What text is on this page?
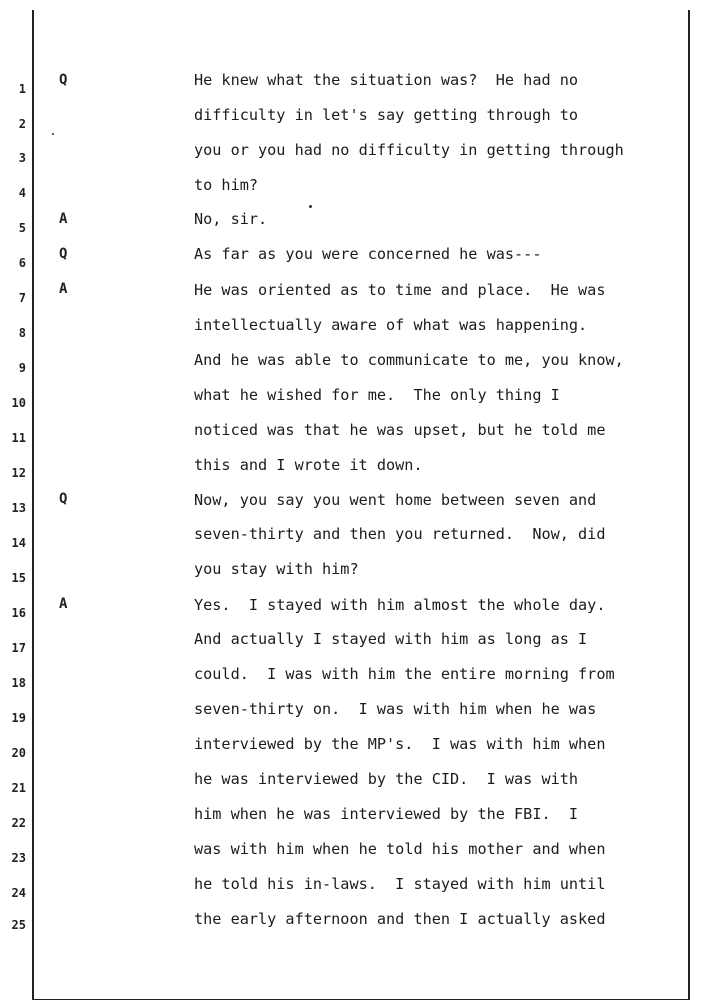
1
Q	He knew what the situation was?  He had no
2	difficulty in let's say getting through to
3	you or you had no difficulty in getting through
4	to him?
5
A	No, sir.
6
Q	As far as you were concerned he was---
7
A	He was oriented as to time and place.  He was
8	intellectually aware of what was happening.
9	And he was able to communicate to me, you know,
10	what he wished for me.  The only thing I
11	noticed was that he was upset, but he told me
12	this and I wrote it down.
13
Q	Now, you say you went home between seven and
14	seven-thirty and then you returned.  Now, did
15	you stay with him?
16
A	Yes.  I stayed with him almost the whole day.
17	And actually I stayed with him as long as I
18	could.  I was with him the entire morning from
19	seven-thirty on.  I was with him when he was
20	interviewed by the MP's.  I was with him when
21	he was interviewed by the CID.  I was with
22	him when he was interviewed by the FBI.  I
23	was with him when he told his mother and when
24	he told his in-laws.  I stayed with him until
25	the early afternoon and then I actually asked
